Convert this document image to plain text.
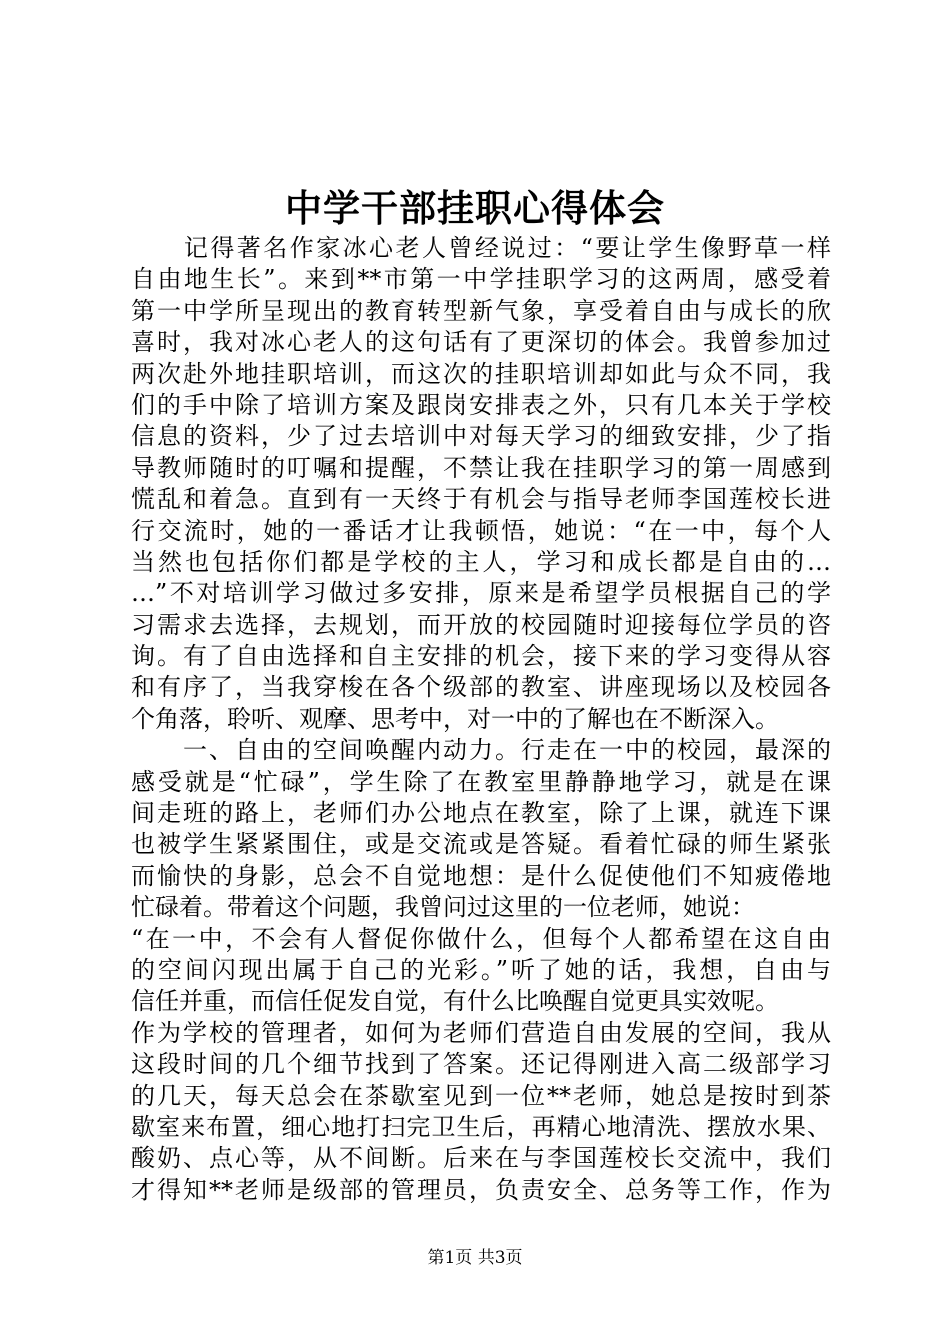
中学干部挂职心得体会
　　记得著名作家冰心老人曾经说过：“要让学生像野草一样
自由地生长”。来到**市第一中学挂职学习的这两周，感受着
第一中学所呈现出的教育转型新气象，享受着自由与成长的欣
喜时，我对冰心老人的这句话有了更深切的体会。我曾参加过
两次赴外地挂职培训，而这次的挂职培训却如此与众不同，我
们的手中除了培训方案及跟岗安排表之外，只有几本关于学校
信息的资料，少了过去培训中对每天学习的细致安排，少了指
导教师随时的叮嘱和提醒，不禁让我在挂职学习的第一周感到
慌乱和着急。直到有一天终于有机会与指导老师李国莲校长进
行交流时，她的一番话才让我顿悟，她说：“在一中，每个人
当然也包括你们都是学校的主人，学习和成长都是自由的…
…”不对培训学习做过多安排，原来是希望学员根据自己的学
习需求去选择，去规划，而开放的校园随时迎接每位学员的咨
询。有了自由选择和自主安排的机会，接下来的学习变得从容
和有序了，当我穿梭在各个级部的教室、讲座现场以及校园各
个角落，聆听、观摩、思考中，对一中的了解也在不断深入。
　　一、自由的空间唤醒内动力。行走在一中的校园，最深的
感受就是“忙碌”，学生除了在教室里静静地学习，就是在课
间走班的路上，老师们办公地点在教室，除了上课，就连下课
也被学生紧紧围住，或是交流或是答疑。看着忙碌的师生紧张
而愉快的身影，总会不自觉地想：是什么促使他们不知疲倦地
忙碌着。带着这个问题，我曾问过这里的一位老师，她说：
“在一中，不会有人督促你做什么，但每个人都希望在这自由
的空间闪现出属于自己的光彩。”听了她的话，我想，自由与
信任并重，而信任促发自觉，有什么比唤醒自觉更具实效呢。
作为学校的管理者，如何为老师们营造自由发展的空间，我从
这段时间的几个细节找到了答案。还记得刚进入高二级部学习
的几天，每天总会在茶歇室见到一位**老师，她总是按时到茶
歇室来布置，细心地打扫完卫生后，再精心地清洗、摆放水果、
酸奶、点心等，从不间断。后来在与李国莲校长交流中，我们
才得知**老师是级部的管理员，负责安全、总务等工作，作为
第1页 共3页
